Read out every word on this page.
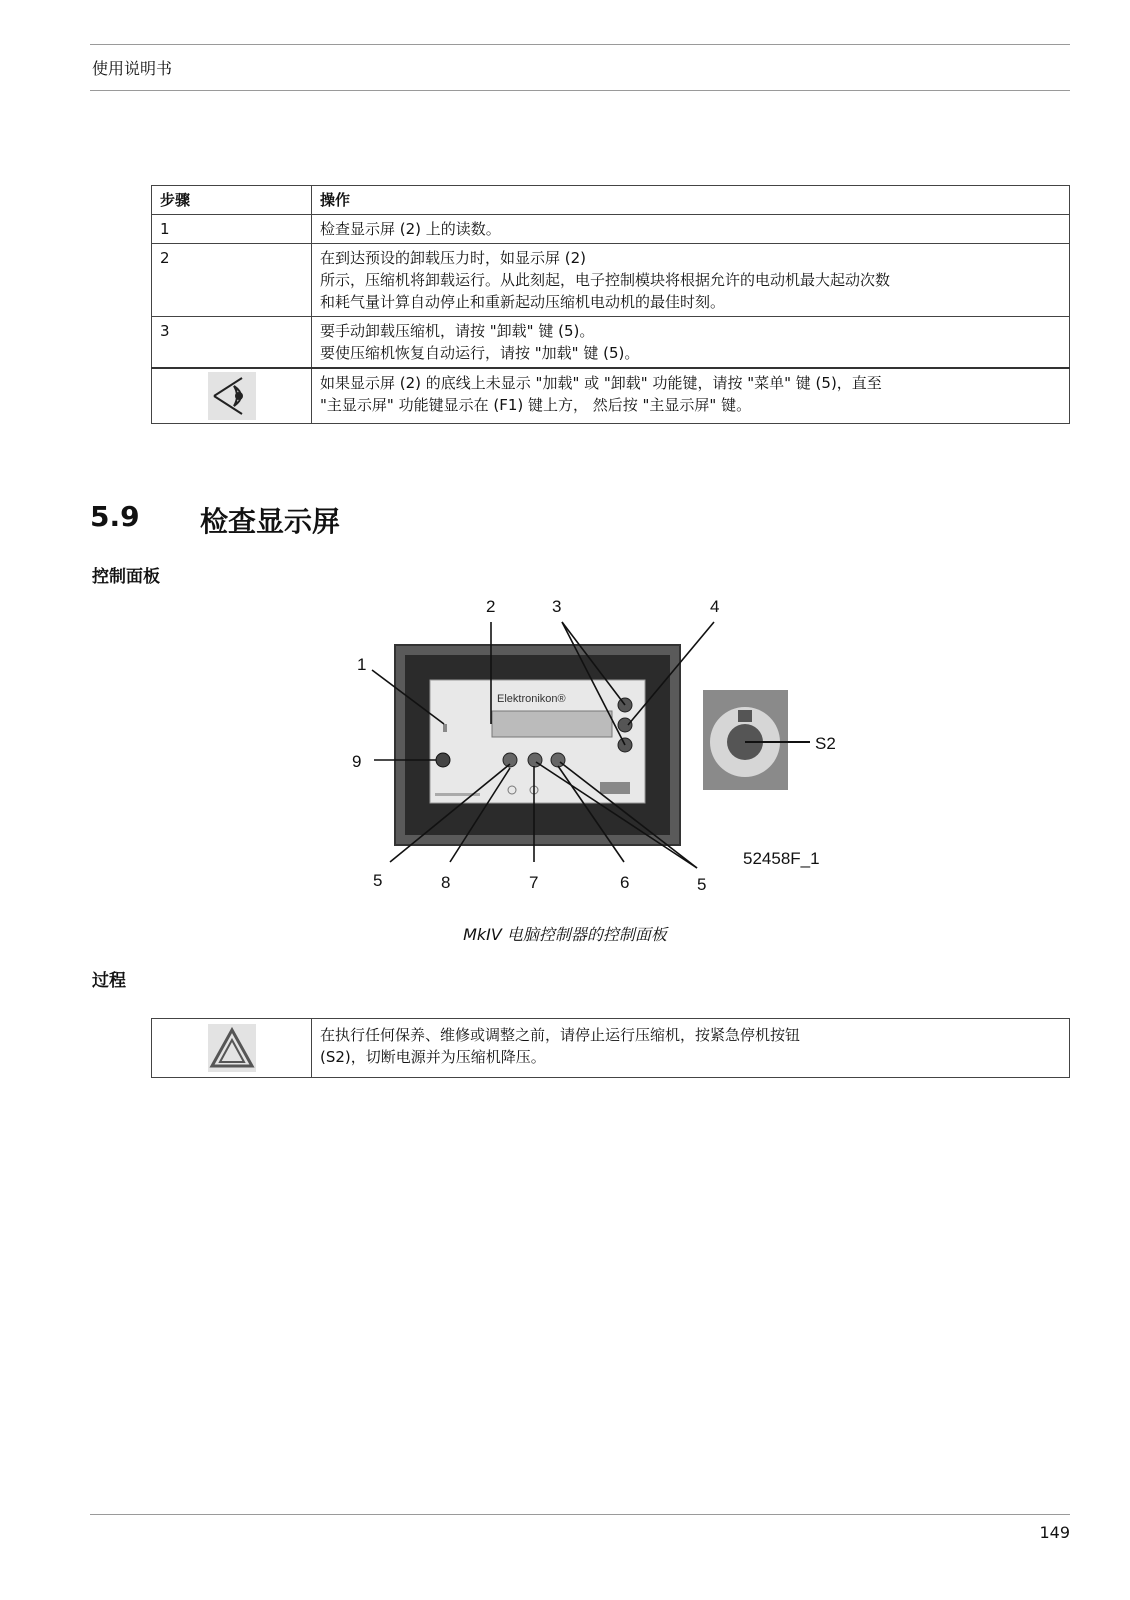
使用说明书
步骤	操作
1	检查显示屏 (2) 上的读数。

2	在到达预设的卸载压力时，如显示屏 (2)
所示，压缩机将卸载运行。从此刻起，电子控制模块将根据允许的电动机最大起动次数
和耗气量计算自动停止和重新起动压缩机电动机的最佳时刻。

3	要手动卸载压缩机，请按 "卸载" 键 (5)。
要使压缩机恢复自动运行，请按 "加载" 键 (5)。

如果显示屏 (2) 的底线上未显示 "加载" 或 "卸载" 功能键，请按 "菜单" 键 (5)，直至
"主显示屏" 功能键显示在 (F1) 键上方， 然后按 "主显示屏" 键。
5.9 检查显示屏
控制面板
Elektronikon®
S2
1
2	3	4
5	5
6
7
8
9
52458F_1
MkIV 电脑控制器的控制面板
过程

在执行任何保养、维修或调整之前，请停止运行压缩机，按紧急停机按钮
(S2)，切断电源并为压缩机降压。
149
